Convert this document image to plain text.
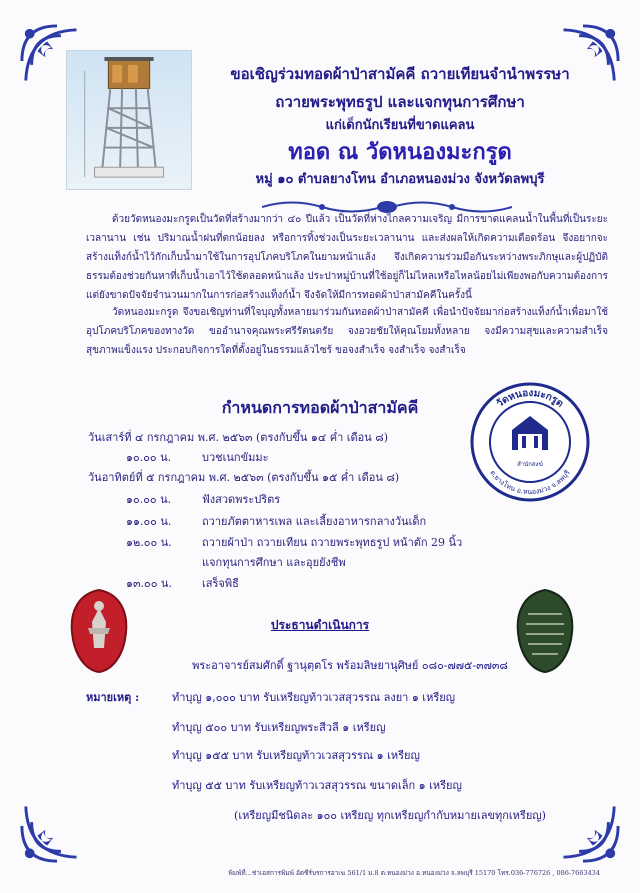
ขอเชิญร่วมทอดผ้าป่าสามัคคี ถวายเทียนจำนำพรรษา
ถวายพระพุทธรูป และแจกทุนการศึกษา
แก่เด็กนักเรียนที่ขาดแคลน
ทอด ณ วัดหนองมะกรูด
หมู่ ๑๐ ตำบลยางโทน อำเภอหนองม่วง จังหวัดลพบุรี

ด้วยวัดหนองมะกรูดเป็นวัดที่สร้างมากว่า ๔๐ ปีแล้ว เป็นวัดที่ห่างไกลความเจริญ มีการขาดแคลนน้ำในพื้นที่เป็นระยะเวลานาน เช่น ปริมาณน้ำฝนที่ตกน้อยลง หรือการทิ้งช่วงเป็นระยะเวลานาน และส่งผลให้เกิดความเดือดร้อน จึงอยากจะสร้างแท็งก์น้ำไว้กักเก็บน้ำมาใช้ในการอุปโภคบริโภคในยามหน้าแล้ง จึงเกิดความร่วมมือกันระหว่างพระภิกษุและผู้ปฏิบัติธรรมต้องช่วยกันหาที่เก็บน้ำเอาไว้ใช้ตลอดหน้าแล้ง ประปาหมู่บ้านที่ใช้อยู่ก็ไม่ไหลเหรือไหลน้อยไม่เพียงพอกับความต้องการ แต่ยังขาดปัจจัยจำนวนมากในการก่อสร้างแท็งก์น้ำ จึงจัดให้มีการทอดผ้าป่าสามัคคีในครั้งนี้

วัดหนองมะกรูด จึงขอเชิญท่านที่ใจบุญทั้งหลายมาร่วมกันทอดผ้าป่าสามัคคี เพื่อนำปัจจัยมาก่อสร้างแท็งก์น้ำเพื่อมาใช้อุปโภคบริโภคของทางวัด ขออำนาจคุณพระศรีรัตนตรัย จงอวยชัยให้คุณโยมทั้งหลาย จงมีความสุขและความสำเร็จ สุขภาพแข็งแรง ประกอบกิจการใดที่ตั้งอยู่ในธรรมแล้วไซร้ ขอจงสำเร็จ จงสำเร็จ จงสำเร็จ

กำหนดการทอดผ้าป่าสามัคคี
วันเสาร์ที่ ๔ กรกฎาคม พ.ศ. ๒๕๖๓ (ตรงกับขึ้น ๑๔ ค่ำ เดือน ๘)
๑๐.๐๐ น.	บวชเนกขัมมะ
วันอาทิตย์ที่ ๕ กรกฎาคม พ.ศ. ๒๕๖๓ (ตรงกับขึ้น ๑๕ ค่ำ เดือน ๘)
๑๐.๐๐ น.	ฟังสวดพระปริตร
๑๑.๐๐ น.	ถวายภัตตาหารเพล และเลี้ยงอาหารกลางวันเด็ก
๑๒.๐๐ น.	ถวายผ้าป่า ถวายเทียน ถวายพระพุทธรูป หน้าตัก 29 นิ้ว
แจกทุนการศึกษา และอุยยังชีพ
๑๓.๐๐ น.	เสร็จพิธี
วัดหนองมะกรูด
ต.ยางโทน อ.หนองม่วง จ.ลพบุรี
สำนักสงฆ์
ประธานดำเนินการ
พระอาจารย์สมศักดิ์ ฐานุตฺตโร พร้อมลิษยานุศิษย์ ๐๘๐-๗๗๕-๓๗๓๘
หมายเหตุ :	ทำบุญ ๑,๐๐๐ บาท รับเหรียญท้าวเวสสุวรรณ ลงยา ๑ เหรียญ
ทำบุญ ๕๐๐ บาท รับเหรียญพระสีวลี ๑ เหรียญ
ทำบุญ ๑๕๕ บาท รับเหรียญท้าวเวสสุวรรณ ๑ เหรียญ
ทำบุญ ๕๕ บาท รับเหรียญท้าวเวสสุวรรณ ขนาดเล็ก ๑ เหรียญ
(เหรียญมีชนิดละ ๑๐๐ เหรียญ ทุกเหรียญกำกับหมายเลขทุกเหรียญ)
พิมพ์ที่...ช่าเอสการพิมพ์ อัดซีร์บรการอาเฆ 561/1 ม.8 ต.หนองม่วง อ.หนองม่วง จ.ลพบุรี 15170 โทร.036-776726 , 086-7663434
